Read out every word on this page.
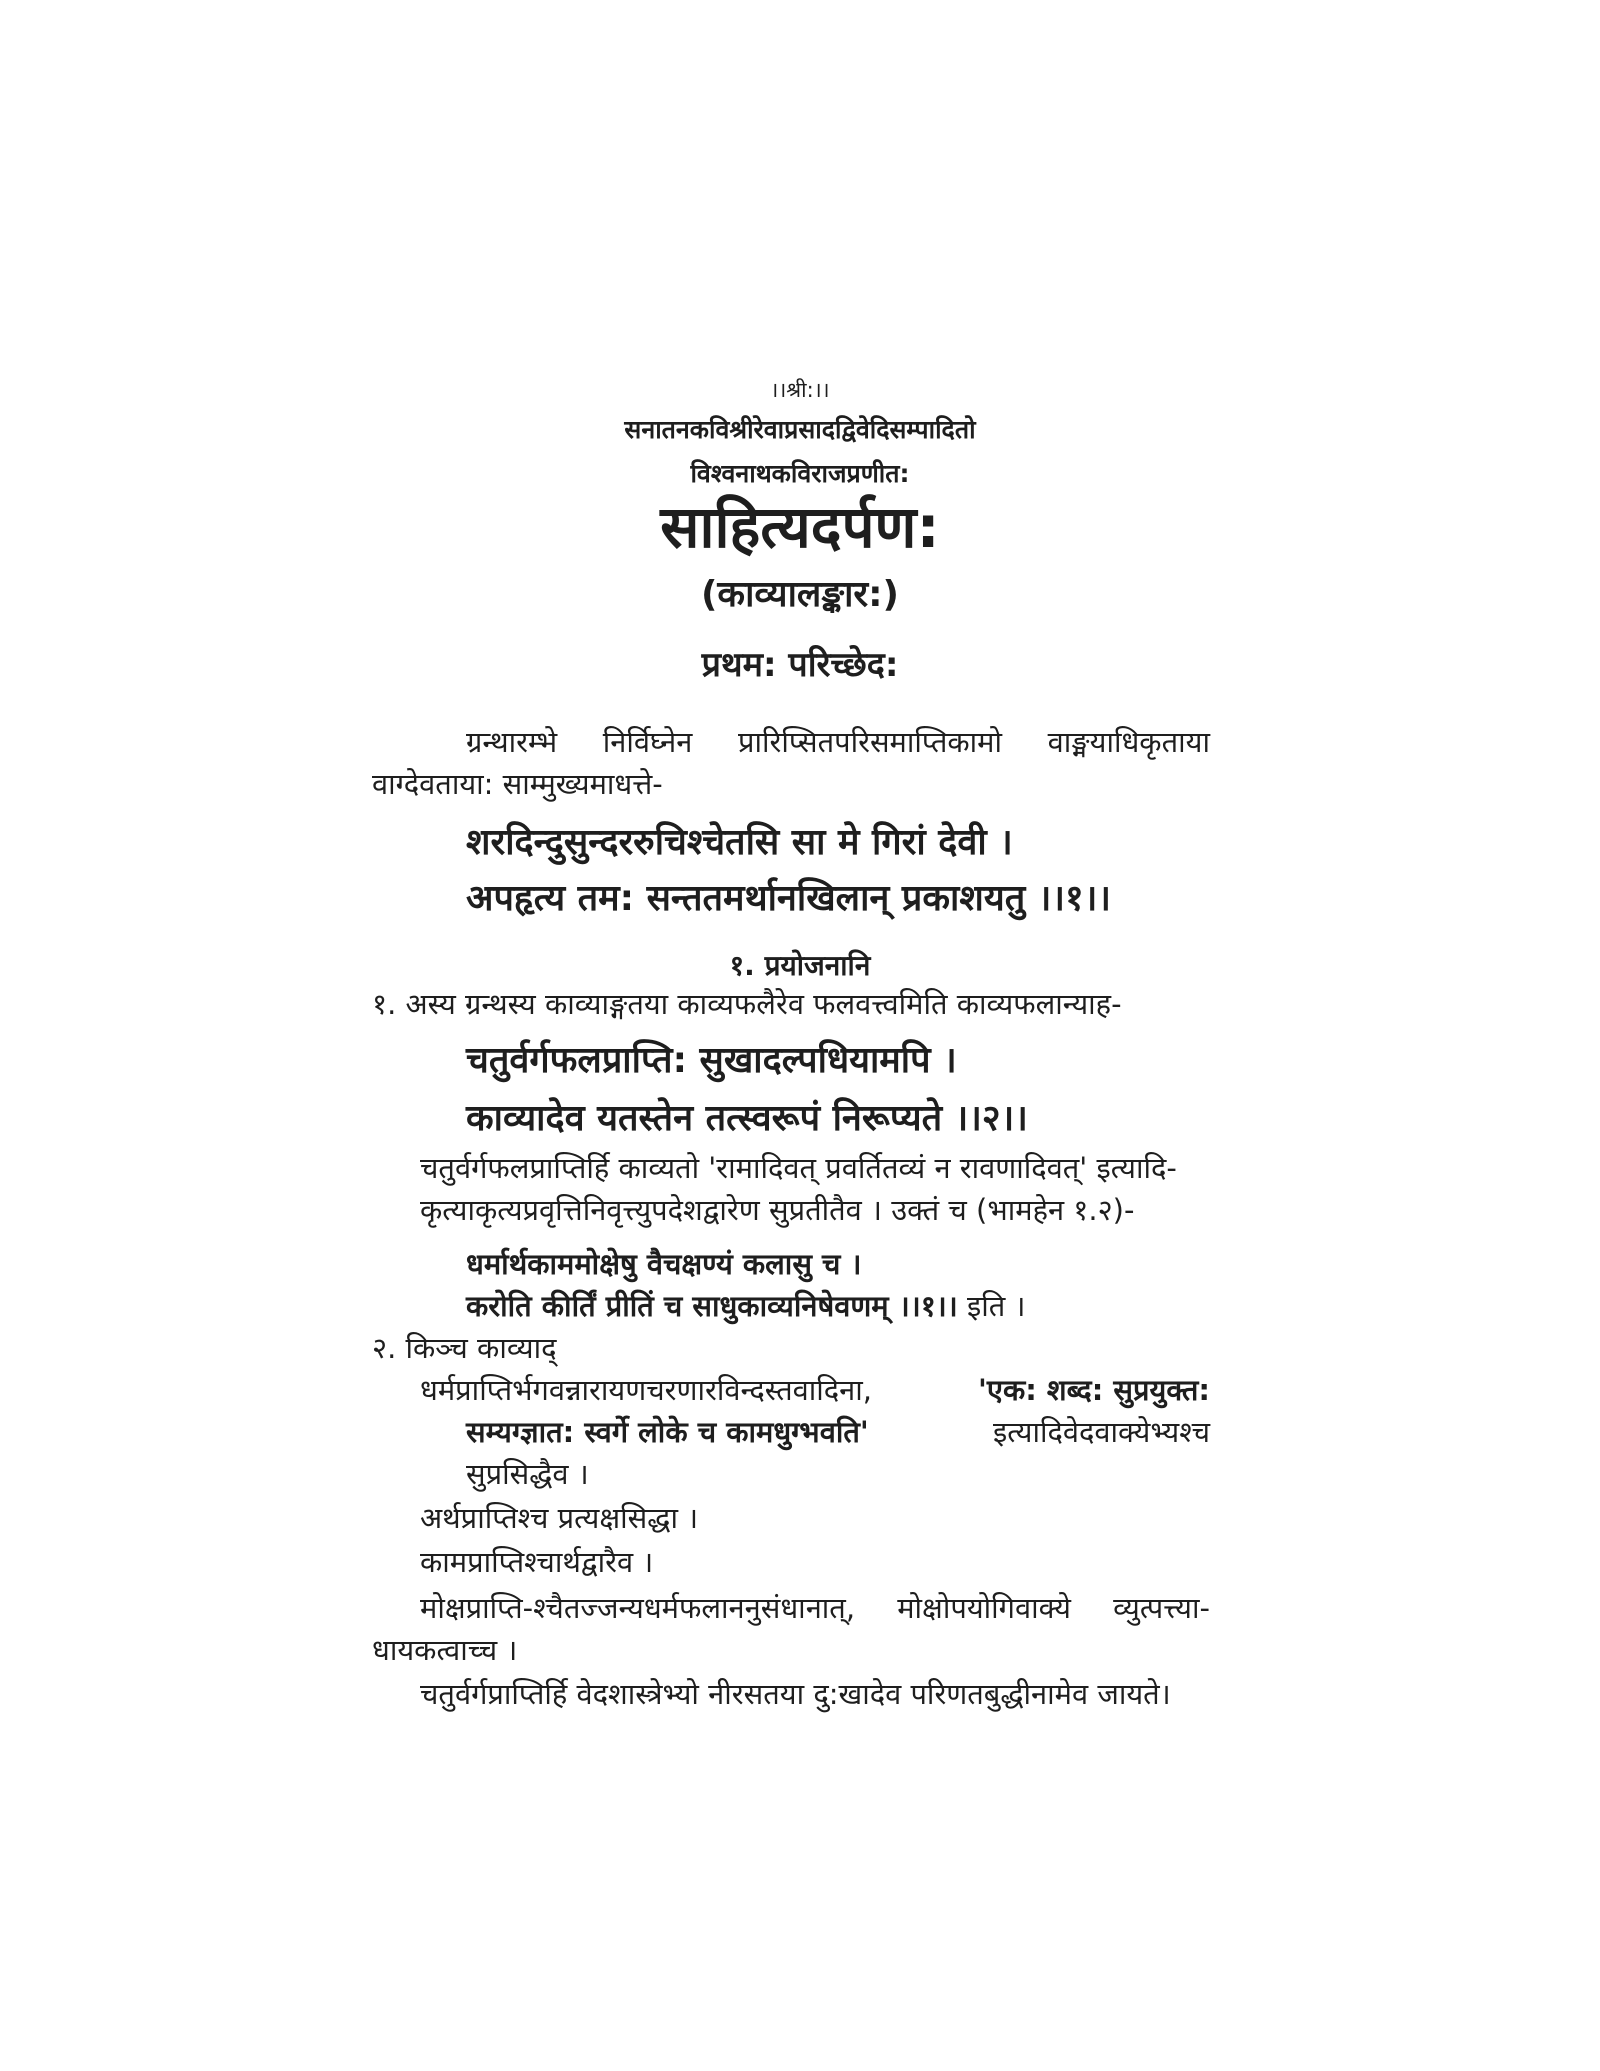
।।श्री:।।
सनातनकविश्रीरेवाप्रसादद्विवेदिसम्पादितो
विश्वनाथकविराजप्रणीत:
साहित्यदर्पण:
(काव्यालङ्कार:)
प्रथम: परिच्छेद:
ग्रन्थारम्भे निर्विघ्नेन प्रारिप्सितपरिसमाप्तिकामो वाङ्मयाधिकृताया
वाग्देवताया: साम्मुख्यमाधत्ते-
शरदिन्दुसुन्दररुचिश्चेतसि सा मे गिरां देवी ।
अपहृत्य तम: सन्ततमर्थानखिलान् प्रकाशयतु ।।१।।
१. प्रयोजनानि
१. अस्य ग्रन्थस्य काव्याङ्गतया काव्यफलैरेव फलवत्त्वमिति काव्यफलान्याह-
चतुर्वर्गफलप्राप्ति: सुखादल्पधियामपि ।
काव्यादेव यतस्तेन तत्स्वरूपं निरूप्यते ।।२।।
चतुर्वर्गफलप्राप्तिर्हि काव्यतो 'रामादिवत् प्रवर्तितव्यं न रावणादिवत्' इत्यादि-
कृत्याकृत्यप्रवृत्तिनिवृत्त्युपदेशद्वारेण सुप्रतीतैव । उक्तं च (भामहेन १.२)-
धर्मार्थकाममोक्षेषु वैचक्षण्यं कलासु च ।
करोति कीर्तिं प्रीतिं च साधुकाव्यनिषेवणम् ।।१।। इति ।
२. किञ्च काव्याद्
धर्मप्राप्तिर्भगवन्नारायणचरणारविन्दस्तवादिना,	'एक: शब्द: सुप्रयुक्त:
सम्यग्ज्ञात: स्वर्गे लोके च कामधुग्भवति'	इत्यादिवेदवाक्येभ्यश्च
सुप्रसिद्धैव ।
अर्थप्राप्तिश्च प्रत्यक्षसिद्धा ।
कामप्राप्तिश्चार्थद्वारैव ।
मोक्षप्राप्ति-श्चैतज्जन्यधर्मफलाननुसंधानात्, मोक्षोपयोगिवाक्ये व्युत्पत्त्या-
धायकत्वाच्च ।
चतुर्वर्गप्राप्तिर्हि वेदशास्त्रेभ्यो नीरसतया दु:खादेव परिणतबुद्धीनामेव जायते।
